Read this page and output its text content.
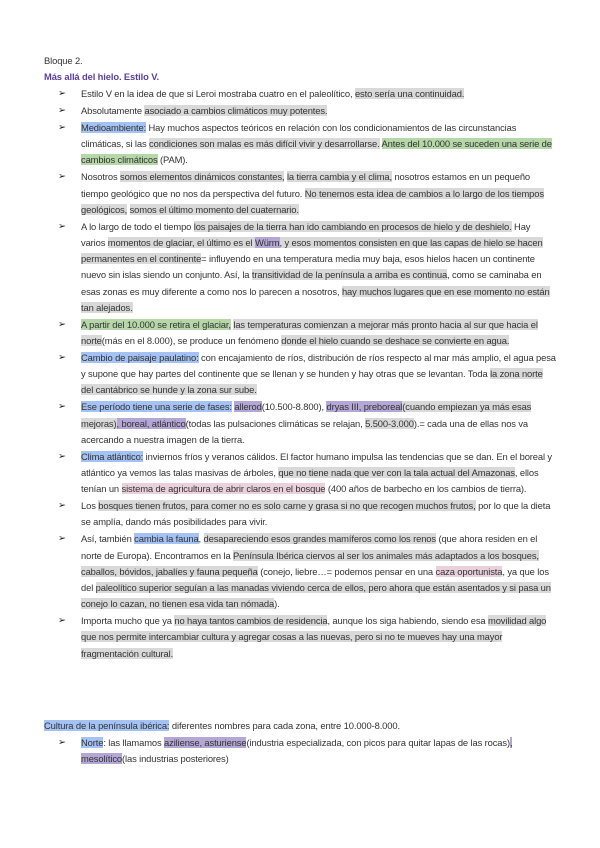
Bloque 2.
Más allá del hielo. Estilo V.
➢ Estilo V en la idea de que si Leroi mostraba cuatro en el paleolítico, esto sería una continuidad.
➢ Absolutamente asociado a cambios climáticos muy potentes.
➢ Medioambiente: Hay muchos aspectos teóricos en relación con los condicionamientos de las circunstancias climáticas, si las condiciones son malas es más difícil vivir y desarrollarse. Antes del 10.000 se suceden una serie de cambios climáticos (PAM).
➢ Nosotros somos elementos dinámicos constantes, la tierra cambia y el clima, nosotros estamos en un pequeño tiempo geológico que no nos da perspectiva del futuro. No tenemos esta idea de cambios a lo largo de los tiempos geológicos, somos el último momento del cuaternario.
➢ A lo largo de todo el tiempo los paisajes de la tierra han ido cambiando en procesos de hielo y de deshielo. Hay varios momentos de glaciar, el último es el Würm, y esos momentos consisten en que las capas de hielo se hacen permanentes en el continente= influyendo en una temperatura media muy baja, esos hielos hacen un continente nuevo sin islas siendo un conjunto. Así, la transitividad de la península a arriba es continua, como se caminaba en esas zonas es muy diferente a como nos lo parecen a nosotros, hay muchos lugares que en ese momento no están tan alejados.
➢ A partir del 10.000 se retira el glaciar, las temperaturas comienzan a mejorar más pronto hacia al sur que hacia el norte(más en el 8.000), se produce un fenómeno donde el hielo cuando se deshace se convierte en agua.
➢ Cambio de paisaje paulatino: con encajamiento de ríos, distribución de ríos respecto al mar más amplio, el agua pesa y supone que hay partes del continente que se llenan y se hunden y hay otras que se levantan. Toda la zona norte del cantábrico se hunde y la zona sur sube.
➢ Ese período tiene una serie de fases: allerod(10.500-8.800), dryas III, preboreal(cuando empiezan ya más esas mejoras), boreal, atlántico(todas las pulsaciones climáticas se relajan, 5.500-3.000).= cada una de ellas nos va acercando a nuestra imagen de la tierra.
➢ Clima atlántico: inviernos fríos y veranos cálidos. El factor humano impulsa las tendencias que se dan. En el boreal y atlántico ya vemos las talas masivas de árboles, que no tiene nada que ver con la tala actual del Amazonas, ellos tenían un sistema de agricultura de abrir claros en el bosque (400 años de barbecho en los cambios de tierra).
➢ Los bosques tienen frutos, para comer no es solo carne y grasa si no que recogen muchos frutos, por lo que la dieta se amplía, dando más posibilidades para vivir.
➢ Así, también cambia la fauna, desapareciendo esos grandes mamíferos como los renos (que ahora residen en el norte de Europa). Encontramos en la Península Ibérica ciervos al ser los animales más adaptados a los bosques, caballos, bóvidos, jabalíes y fauna pequeña (conejo, liebre…= podemos pensar en una caza oportunista, ya que los del paleolítico superior seguían a las manadas viviendo cerca de ellos, pero ahora que están asentados y si pasa un conejo lo cazan, no tienen esa vida tan nómada).
➢ Importa mucho que ya no haya tantos cambios de residencia, aunque los siga habiendo, siendo esa movilidad algo que nos permite intercambiar cultura y agregar cosas a las nuevas, pero si no te mueves hay una mayor fragmentación cultural.
Cultura de la península ibérica: diferentes nombres para cada zona, entre 10.000-8.000.
➢ Norte: las llamamos aziliense, asturiense(industria especializada, con picos para quitar lapas de las rocas), mesolítico(las industrias posteriores)
